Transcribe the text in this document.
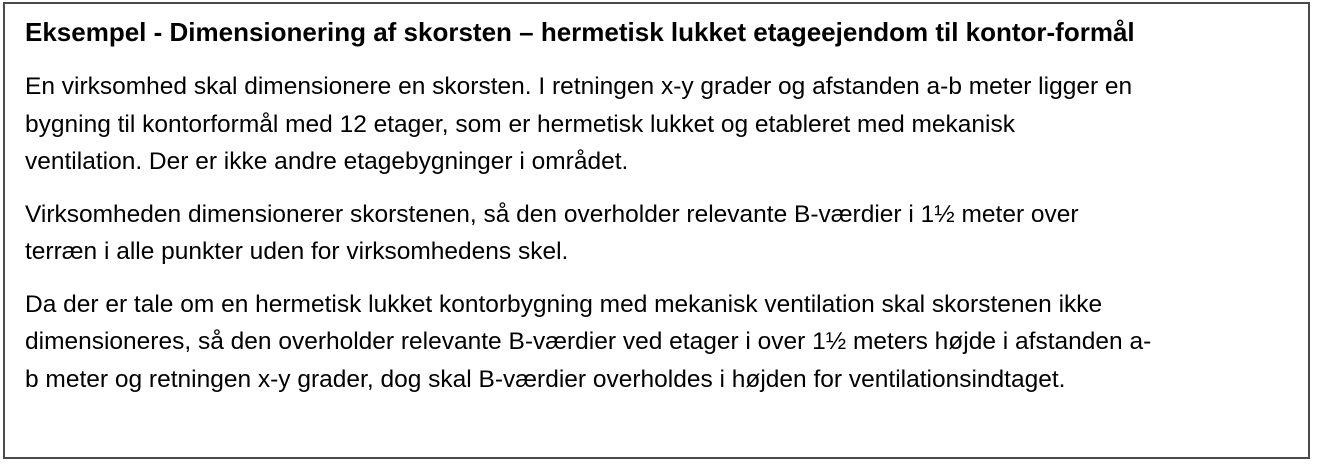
Eksempel - Dimensionering af skorsten – hermetisk lukket etageejendom til kontor-formål
En virksomhed skal dimensionere en skorsten. I retningen x-y grader og afstanden a-b meter ligger en
bygning til kontorformål med 12 etager, som er hermetisk lukket og etableret med mekanisk
ventilation. Der er ikke andre etagebygninger i området.
Virksomheden dimensionerer skorstenen, så den overholder relevante B-værdier i 1½ meter over
terræn i alle punkter uden for virksomhedens skel.
Da der er tale om en hermetisk lukket kontorbygning med mekanisk ventilation skal skorstenen ikke
dimensioneres, så den overholder relevante B-værdier ved etager i over 1½ meters højde i afstanden a-
b meter og retningen x-y grader, dog skal B-værdier overholdes i højden for ventilationsindtaget.
